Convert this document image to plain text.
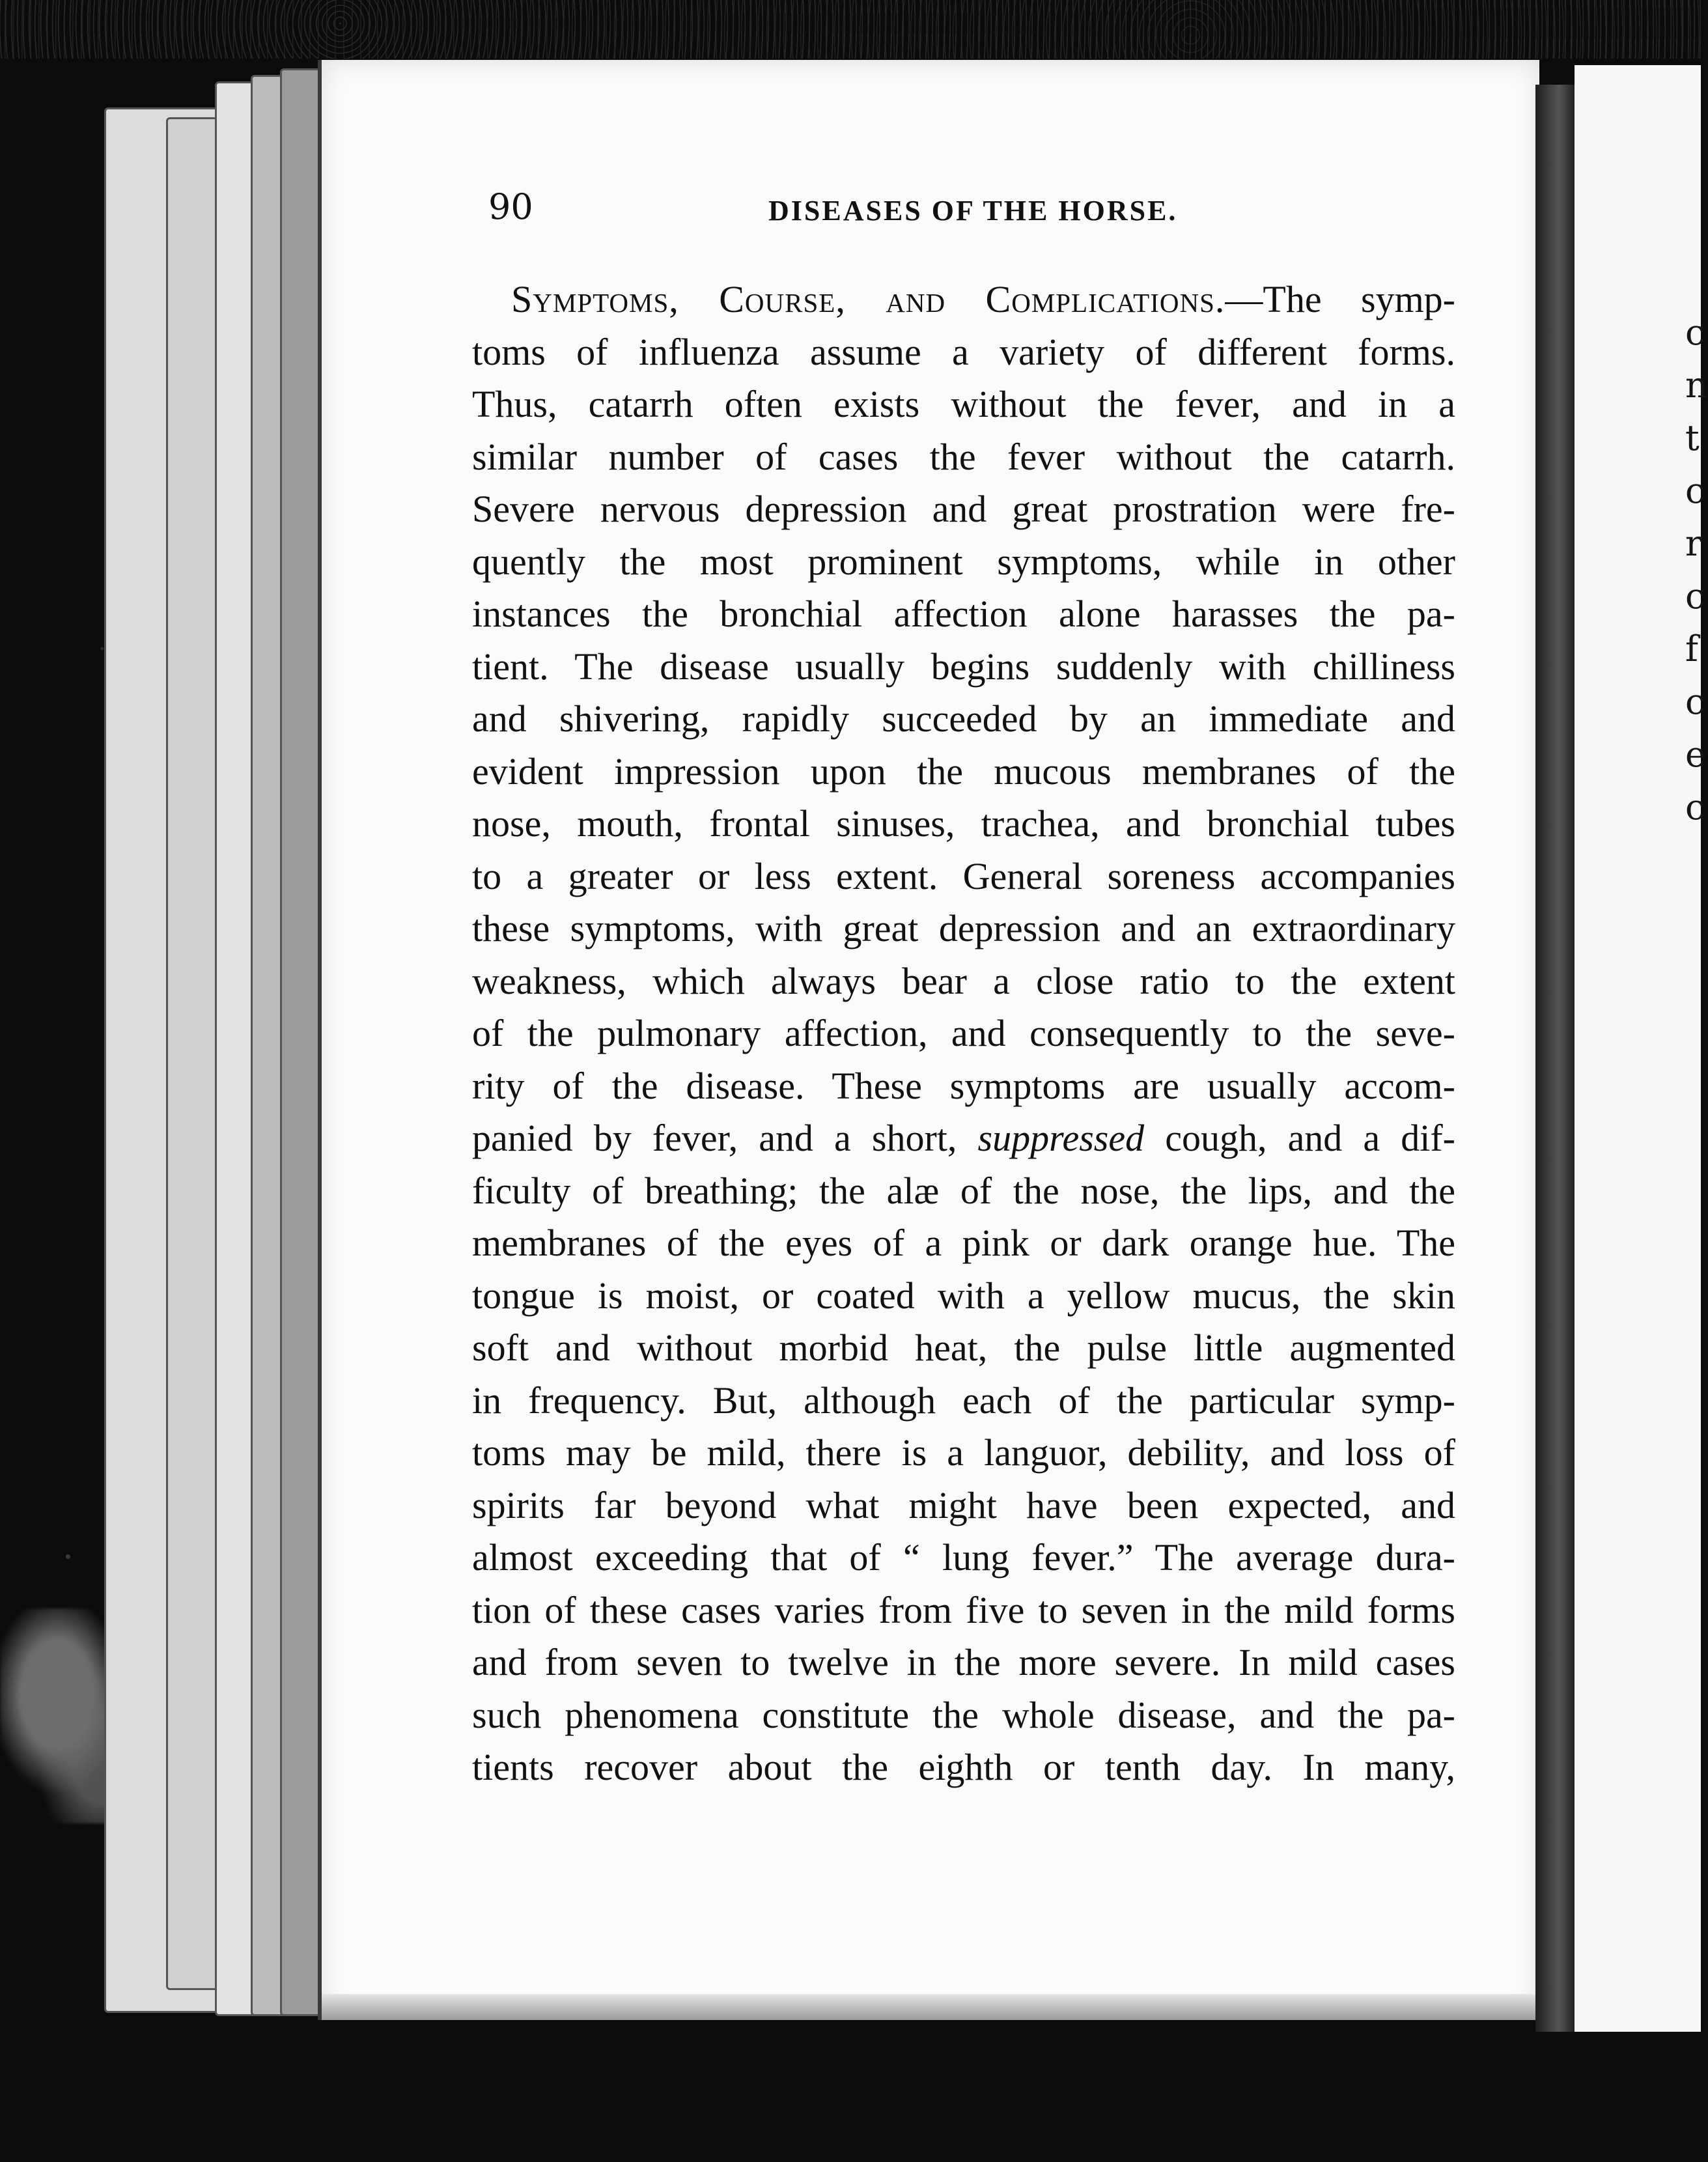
c
n
t
c
r
c
f
c
e
c
90	DISEASES OF THE HORSE.
Symptoms, Course, and Complications.—The symp-
toms of influenza assume a variety of different forms.
Thus, catarrh often exists without the fever, and in a
similar number of cases the fever without the catarrh.
Severe nervous depression and great prostration were fre-
quently the most prominent symptoms, while in other
instances the bronchial affection alone harasses the pa-
tient. The disease usually begins suddenly with chilliness
and shivering, rapidly succeeded by an immediate and
evident impression upon the mucous membranes of the
nose, mouth, frontal sinuses, trachea, and bronchial tubes
to a greater or less extent. General soreness accompanies
these symptoms, with great depression and an extraordinary
weakness, which always bear a close ratio to the extent
of the pulmonary affection, and consequently to the seve-
rity of the disease. These symptoms are usually accom-
panied by fever, and a short, suppressed cough, and a dif-
ficulty of breathing; the alæ of the nose, the lips, and the
membranes of the eyes of a pink or dark orange hue. The
tongue is moist, or coated with a yellow mucus, the skin
soft and without morbid heat, the pulse little augmented
in frequency. But, although each of the particular symp-
toms may be mild, there is a languor, debility, and loss of
spirits far beyond what might have been expected, and
almost exceeding that of “ lung fever.” The average dura-
tion of these cases varies from five to seven in the mild forms
and from seven to twelve in the more severe. In mild cases
such phenomena constitute the whole disease, and the pa-
tients recover about the eighth or tenth day. In many,
